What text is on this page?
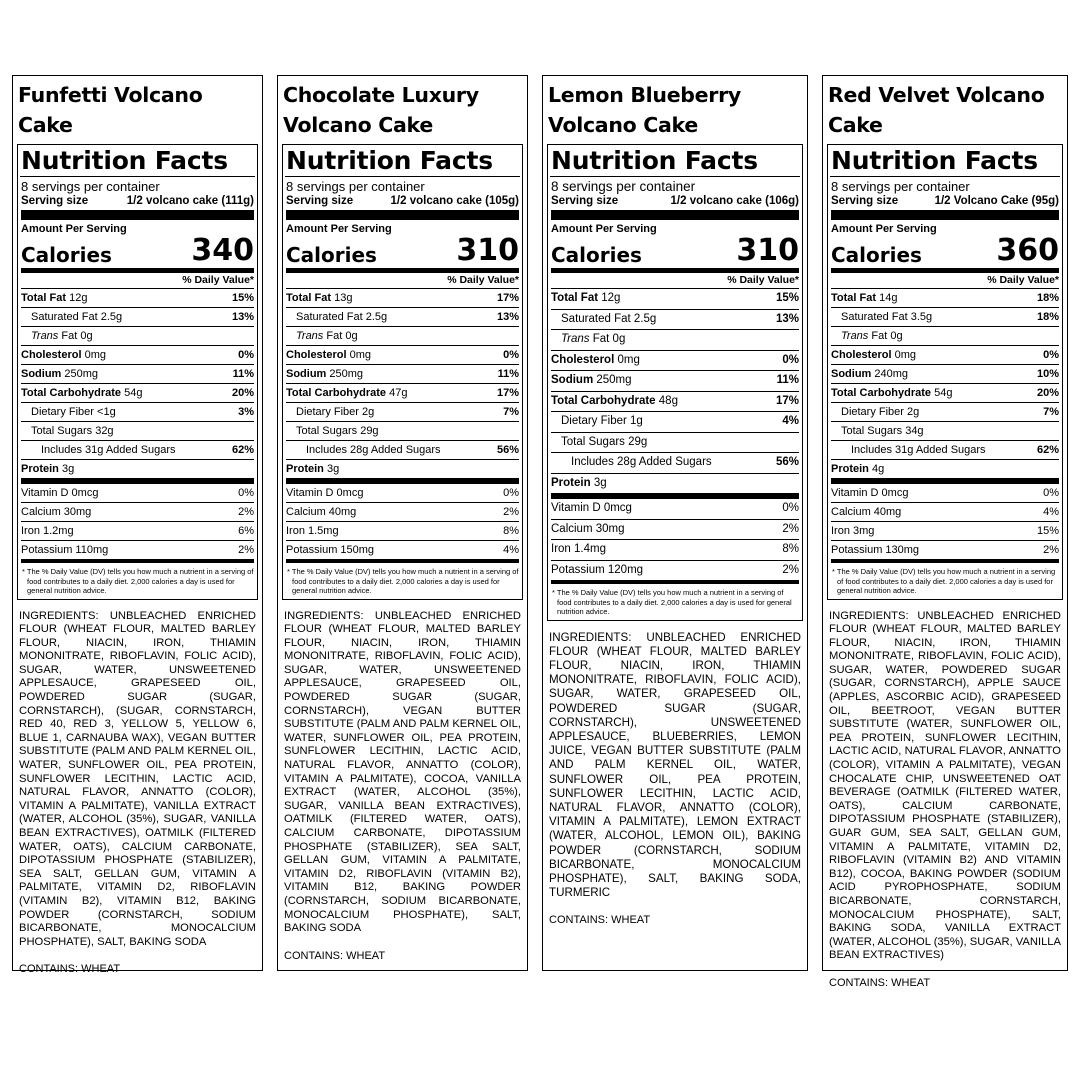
Funfetti Volcano Cake
Nutrition Facts
8 servings per container
Serving size	1/2 volcano cake (111g)
Amount Per Serving
Calories	340
% Daily Value*
Total Fat 12g	15%
Saturated Fat 2.5g	13%
Trans Fat 0g
Cholesterol 0mg	0%
Sodium 250mg	11%
Total Carbohydrate 54g	20%
Dietary Fiber <1g	3%
Total Sugars 32g
Includes 31g Added Sugars	62%
Protein 3g
Vitamin D 0mcg	0%
Calcium 30mg	2%
Iron 1.2mg	6%
Potassium 110mg	2%
* The % Daily Value (DV) tells you how much a nutrient in a serving of food contributes to a daily diet. 2,000 calories a day is used for general nutrition advice.
INGREDIENTS: UNBLEACHED ENRICHED FLOUR (WHEAT FLOUR, MALTED BARLEY FLOUR, NIACIN, IRON, THIAMIN MONONITRATE, RIBOFLAVIN, FOLIC ACID), SUGAR, WATER, UNSWEETENED APPLESAUCE, GRAPESEED OIL, POWDERED SUGAR (SUGAR, CORNSTARCH), (SUGAR, CORNSTARCH, RED 40, RED 3, YELLOW 5, YELLOW 6, BLUE 1, CARNAUBA WAX), VEGAN BUTTER SUBSTITUTE (PALM AND PALM KERNEL OIL, WATER, SUNFLOWER OIL, PEA PROTEIN, SUNFLOWER LECITHIN, LACTIC ACID, NATURAL FLAVOR, ANNATTO (COLOR), VITAMIN A PALMITATE), VANILLA EXTRACT (WATER, ALCOHOL (35%), SUGAR, VANILLA BEAN EXTRACTIVES), OATMILK (FILTERED WATER, OATS), CALCIUM CARBONATE, DIPOTASSIUM PHOSPHATE (STABILIZER), SEA SALT, GELLAN GUM, VITAMIN A PALMITATE, VITAMIN D2, RIBOFLAVIN (VITAMIN B2), VITAMIN B12, BAKING POWDER (CORNSTARCH, SODIUM BICARBONATE, MONOCALCIUM PHOSPHATE), SALT, BAKING SODA
CONTAINS: WHEAT
Chocolate Luxury Volcano Cake
Nutrition Facts
8 servings per container
Serving size	1/2 volcano cake (105g)
Amount Per Serving
Calories	310
% Daily Value*
Total Fat 13g	17%
Saturated Fat 2.5g	13%
Trans Fat 0g
Cholesterol 0mg	0%
Sodium 250mg	11%
Total Carbohydrate 47g	17%
Dietary Fiber 2g	7%
Total Sugars 29g
Includes 28g Added Sugars	56%
Protein 3g
Vitamin D 0mcg	0%
Calcium 40mg	2%
Iron 1.5mg	8%
Potassium 150mg	4%
* The % Daily Value (DV) tells you how much a nutrient in a serving of food contributes to a daily diet. 2,000 calories a day is used for general nutrition advice.
INGREDIENTS: UNBLEACHED ENRICHED FLOUR (WHEAT FLOUR, MALTED BARLEY FLOUR, NIACIN, IRON, THIAMIN MONONITRATE, RIBOFLAVIN, FOLIC ACID), SUGAR, WATER, UNSWEETENED APPLESAUCE, GRAPESEED OIL, POWDERED SUGAR (SUGAR, CORNSTARCH), VEGAN BUTTER SUBSTITUTE (PALM AND PALM KERNEL OIL, WATER, SUNFLOWER OIL, PEA PROTEIN, SUNFLOWER LECITHIN, LACTIC ACID, NATURAL FLAVOR, ANNATTO (COLOR), VITAMIN A PALMITATE), COCOA, VANILLA EXTRACT (WATER, ALCOHOL (35%), SUGAR, VANILLA BEAN EXTRACTIVES), OATMILK (FILTERED WATER, OATS), CALCIUM CARBONATE, DIPOTASSIUM PHOSPHATE (STABILIZER), SEA SALT, GELLAN GUM, VITAMIN A PALMITATE, VITAMIN D2, RIBOFLAVIN (VITAMIN B2), VITAMIN B12, BAKING POWDER (CORNSTARCH, SODIUM BICARBONATE, MONOCALCIUM PHOSPHATE), SALT, BAKING SODA
CONTAINS: WHEAT
Lemon Blueberry Volcano Cake
Nutrition Facts
8 servings per container
Serving size	1/2 volcano cake (106g)
Amount Per Serving
Calories	310
% Daily Value*
Total Fat 12g	15%
Saturated Fat 2.5g	13%
Trans Fat 0g
Cholesterol 0mg	0%
Sodium 250mg	11%
Total Carbohydrate 48g	17%
Dietary Fiber 1g	4%
Total Sugars 29g
Includes 28g Added Sugars	56%
Protein 3g
Vitamin D 0mcg	0%
Calcium 30mg	2%
Iron 1.4mg	8%
Potassium 120mg	2%
* The % Daily Value (DV) tells you how much a nutrient in a serving of food contributes to a daily diet. 2,000 calories a day is used for general nutrition advice.
INGREDIENTS: UNBLEACHED ENRICHED FLOUR (WHEAT FLOUR, MALTED BARLEY FLOUR, NIACIN, IRON, THIAMIN MONONITRATE, RIBOFLAVIN, FOLIC ACID), SUGAR, WATER, GRAPESEED OIL, POWDERED SUGAR (SUGAR, CORNSTARCH), UNSWEETENED APPLESAUCE, BLUEBERRIES, LEMON JUICE, VEGAN BUTTER SUBSTITUTE (PALM AND PALM KERNEL OIL, WATER, SUNFLOWER OIL, PEA PROTEIN, SUNFLOWER LECITHIN, LACTIC ACID, NATURAL FLAVOR, ANNATTO (COLOR), VITAMIN A PALMITATE), LEMON EXTRACT (WATER, ALCOHOL, LEMON OIL), BAKING POWDER (CORNSTARCH, SODIUM BICARBONATE, MONOCALCIUM PHOSPHATE), SALT, BAKING SODA, TURMERIC
CONTAINS: WHEAT
Red Velvet Volcano Cake
Nutrition Facts
8 servings per container
Serving size	1/2 Volcano Cake (95g)
Amount Per Serving
Calories 360
% Daily Value*
Total Fat 14g	18%
Saturated Fat 3.5g	18%
Trans Fat 0g
Cholesterol 0mg	0%
Sodium 240mg	10%
Total Carbohydrate 54g	20%
Dietary Fiber 2g	7%
Total Sugars 34g
Includes 31g Added Sugars	62%
Protein 4g
Vitamin D 0mcg	0%
Calcium 40mg	4%
Iron 3mg	15%
Potassium 130mg	2%
* The % Daily Value (DV) tells you how much a nutrient in a serving of food contributes to a daily diet. 2,000 calories a day is used for general nutrition advice.
INGREDIENTS: UNBLEACHED ENRICHED FLOUR (WHEAT FLOUR, MALTED BARLEY FLOUR, NIACIN, IRON, THIAMIN MONONITRATE, RIBOFLAVIN, FOLIC ACID), SUGAR, WATER, POWDERED SUGAR (SUGAR, CORNSTARCH), APPLE SAUCE (APPLES, ASCORBIC ACID), GRAPESEED OIL, BEETROOT, VEGAN BUTTER SUBSTITUTE (WATER, SUNFLOWER OIL, PEA PROTEIN, SUNFLOWER LECITHIN, LACTIC ACID, NATURAL FLAVOR, ANNATTO (COLOR), VITAMIN A PALMITATE), VEGAN CHOCALATE CHIP, UNSWEETENED OAT BEVERAGE (OATMILK (FILTERED WATER, OATS), CALCIUM CARBONATE, DIPOTASSIUM PHOSPHATE (STABILIZER), GUAR GUM, SEA SALT, GELLAN GUM, VITAMIN A PALMITATE, VITAMIN D2, RIBOFLAVIN (VITAMIN B2) AND VITAMIN B12), COCOA, BAKING POWDER (SODIUM ACID PYROPHOSPHATE, SODIUM BICARBONATE, CORNSTARCH, MONOCALCIUM PHOSPHATE), SALT, BAKING SODA, VANILLA EXTRACT (WATER, ALCOHOL (35%), SUGAR, VANILLA BEAN EXTRACTIVES)
CONTAINS: WHEAT
